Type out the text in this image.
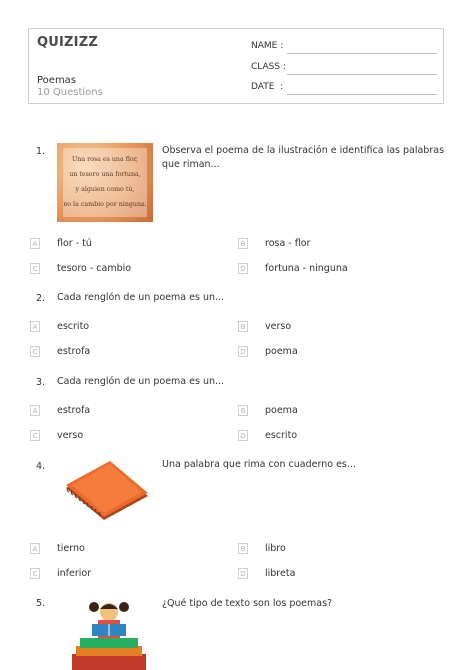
QUIZIZZ
Poemas
10 Questions
NAME :
CLASS :
DATE  :
1.
Una rosa es una flor,
un tesoro una fortuna,
y alguien como tú,
no la cambio por ninguna.
Observa el poema de la ilustración e identifica las palabras que riman...
A flor - tú	B rosa - flor
C tesoro - cambio	D fortuna - ninguna
2. Cada renglón de un poema es un...
A escrito	B verso
C estrofa	D poema
3. Cada renglón de un poema es un...
A estrofa	B poema
C verso	D escrito
4.	Una palabra que rima con cuaderno es...
A tierno	B libro
C inferior	D libreta
5.	¿Qué tipo de texto son los poemas?
